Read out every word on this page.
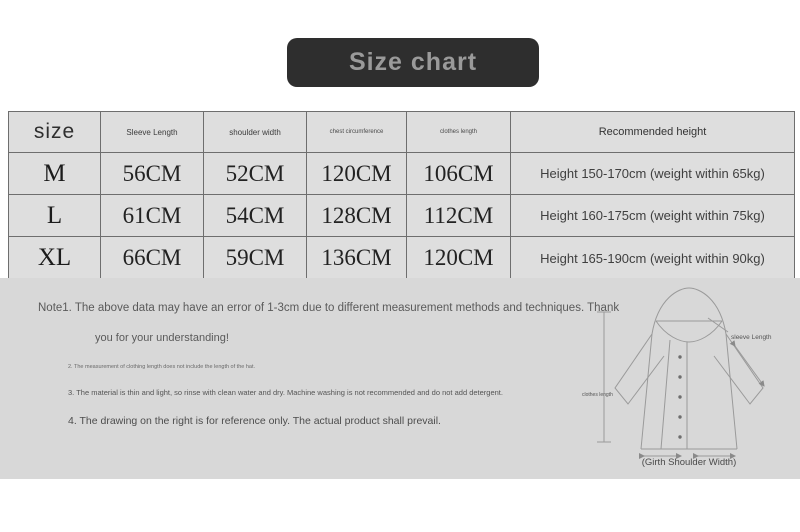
Size chart
size	Sleeve Length	shoulder width	chest circumference	clothes length	Recommended height
M	56CM	52CM	120CM	106CM	Height 150-170cm (weight within 65kg)
L	61CM	54CM	128CM	112CM	Height 160-175cm (weight within 75kg)
XL	66CM	59CM	136CM	120CM	Height 165-190cm (weight within 90kg)
Note1. The above data may have an error of 1-3cm due to different measurement methods and techniques. Thank
you for your understanding!
2. The measurement of clothing length does not include the length of the hat.
3. The material is thin and light, so rinse with clean water and dry. Machine washing is not recommended and do not add detergent.
4. The drawing on the right is for reference only. The actual product shall prevail.
sleeve Length
clothes length
(Girth Shoulder Width)
